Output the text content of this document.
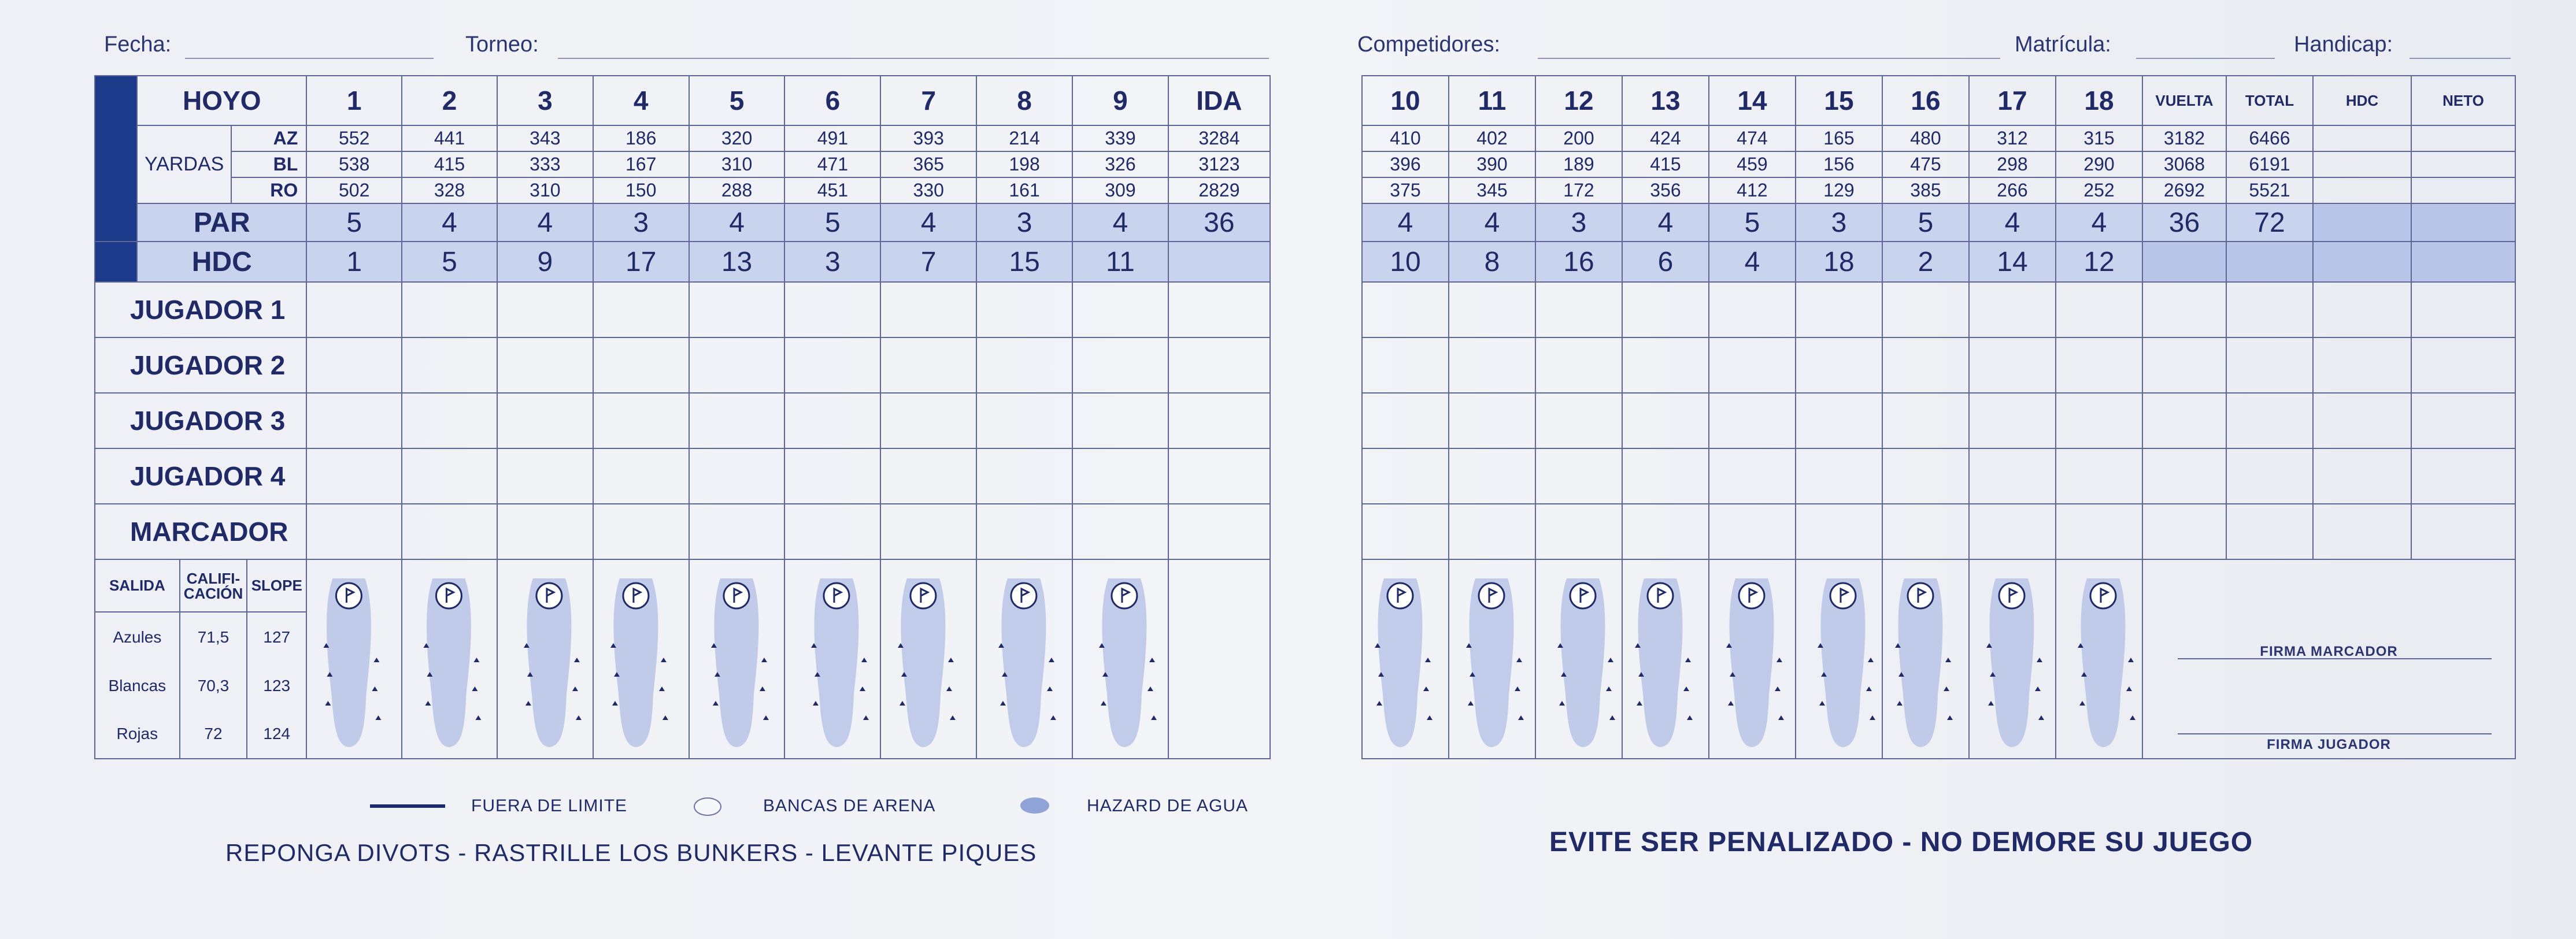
Fecha:	Torneo:	Competidores:	Matrícula:	Handicap:
	HOYO	1	2	3	4	5	6	7	8	9	IDA
YARDAS	AZ	552	441	343	186	320	491	393	214	339	3284
BL	538	415	333	167	310	471	365	198	326	3123
RO	502	328	310	150	288	451	330	161	309	2829
PAR	5	4	4	3	4	5	4	3	4	36
	HDC	1	5	9	17	13	3	7	15	11	
JUGADOR 1										
JUGADOR 2										
JUGADOR 3										
JUGADOR 4										
MARCADOR										

SALIDA	CALIFI-CACIÓN	SLOPE
Azules	71,5	127
Blancas	70,3	123
Rojas	72	124

10	11	12	13	14	15	16	17	18	VUELTA	TOTAL	HDC	NETO
410	402	200	424	474	165	480	312	315	3182	6466		
396	390	189	415	459	156	475	298	290	3068	6191		
375	345	172	356	412	129	385	266	252	2692	5521		
4	4	3	4	5	3	5	4	4	36	72		
10	8	16	6	4	18	2	14	12				

FIRMA MARCADOR
FIRMA JUGADOR			
FUERA DE LIMITE	BANCAS DE ARENA	HAZARD DE AGUA
REPONGA DIVOTS - RASTRILLE LOS BUNKERS - LEVANTE PIQUES	EVITE SER PENALIZADO - NO DEMORE SU JUEGO
